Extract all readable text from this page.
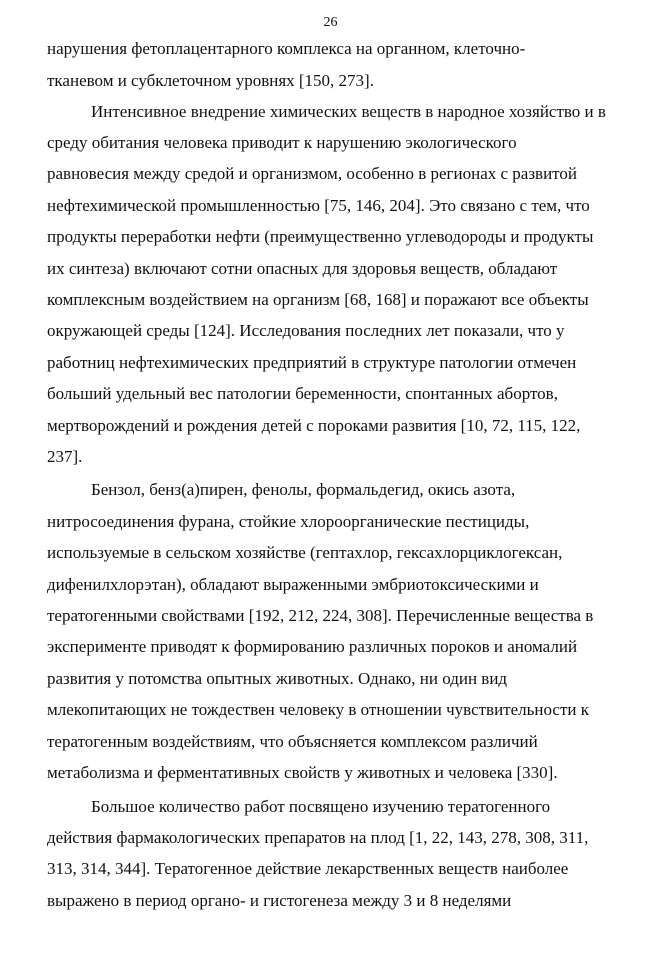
26
нарушения фетоплацентарного комплекса на органном, клеточно-
тканевом и субклеточном уровнях [150, 273].
Интенсивное внедрение химических веществ в народное хозяйство и в
среду обитания человека приводит к нарушению экологического
равновесия между средой и организмом, особенно в регионах с развитой
нефтехимической промышленностью [75, 146, 204]. Это связано с тем, что
продукты переработки нефти (преимущественно углеводороды и продукты
их синтеза) включают сотни опасных для здоровья веществ, обладают
комплексным воздействием на организм [68, 168] и поражают все объекты
окружающей среды [124]. Исследования последних лет показали, что у
работниц нефтехимических предприятий в структуре патологии отмечен
больший удельный вес патологии беременности, спонтанных абортов,
мертворождений и рождения детей с пороками развития [10, 72, 115, 122,
237].
Бензол, бенз(а)пирен, фенолы, формальдегид, окись азота,
нитросоединения фурана, стойкие хлороорганические пестициды,
используемые в сельском хозяйстве (гептахлор, гексахлорциклогексан,
дифенилхлорэтан), обладают выраженными эмбриотоксическими и
тератогенными свойствами [192, 212, 224, 308]. Перечисленные вещества в
эксперименте приводят к формированию различных пороков и аномалий
развития у потомства опытных животных. Однако, ни один вид
млекопитающих не тождествен человеку в отношении чувствительности к
тератогенным воздействиям, что объясняется комплексом различий
метаболизма и ферментативных свойств у животных и человека [330].
Большое количество работ посвящено изучению тератогенного
действия фармакологических препаратов на плод [1, 22, 143, 278, 308, 311,
313, 314, 344]. Тератогенное действие лекарственных веществ наиболее
выражено в период органо- и гистогенеза между 3 и 8 неделями
